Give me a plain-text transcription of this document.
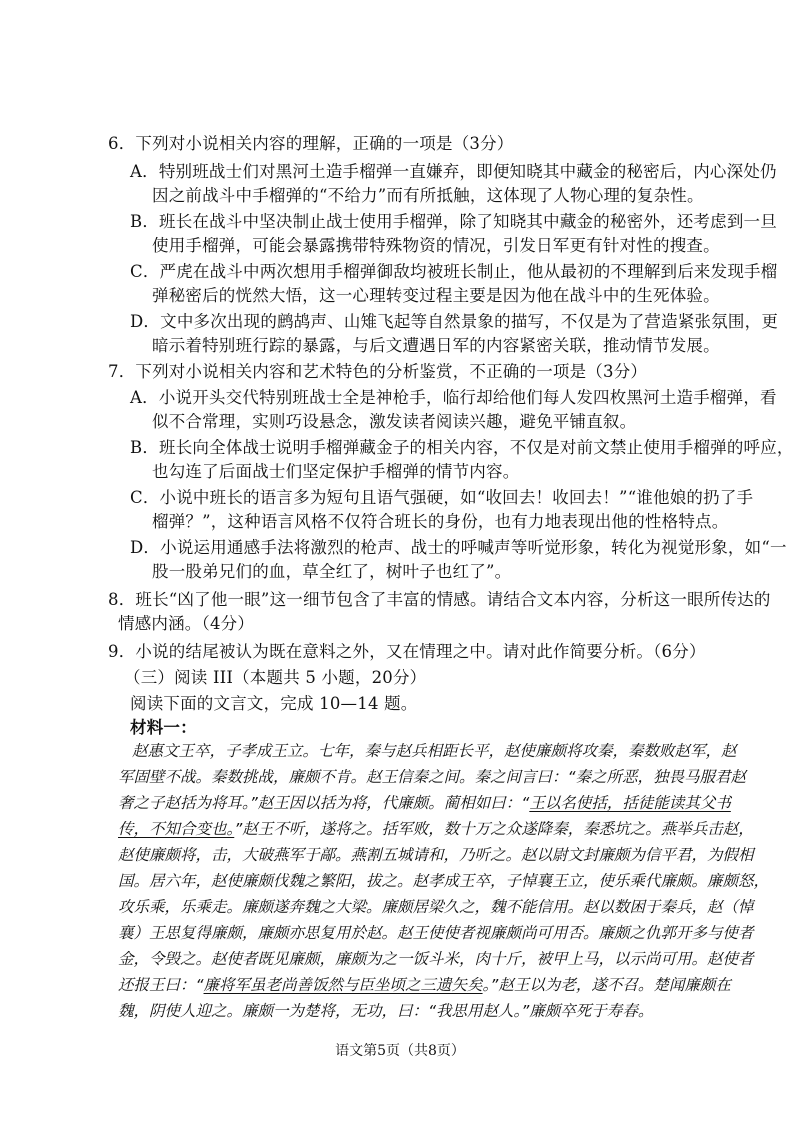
6．下列对小说相关内容的理解，正确的一项是（3分）
A．特别班战士们对黑河土造手榴弹一直嫌弃，即便知晓其中藏金的秘密后，内心深处仍
因之前战斗中手榴弹的“不给力”而有所抵触，这体现了人物心理的复杂性。
B．班长在战斗中坚决制止战士使用手榴弹，除了知晓其中藏金的秘密外，还考虑到一旦
使用手榴弹，可能会暴露携带特殊物资的情况，引发日军更有针对性的搜查。
C．严虎在战斗中两次想用手榴弹御敌均被班长制止，他从最初的不理解到后来发现手榴
弹秘密后的恍然大悟，这一心理转变过程主要是因为他在战斗中的生死体验。
D．文中多次出现的鹧鸪声、山雉飞起等自然景象的描写，不仅是为了营造紧张氛围，更
暗示着特别班行踪的暴露，与后文遭遇日军的内容紧密关联，推动情节发展。
7．下列对小说相关内容和艺术特色的分析鉴赏，不正确的一项是（3分）
A．小说开头交代特别班战士全是神枪手，临行却给他们每人发四枚黑河土造手榴弹，看
似不合常理，实则巧设悬念，激发读者阅读兴趣，避免平铺直叙。
B．班长向全体战士说明手榴弹藏金子的相关内容，不仅是对前文禁止使用手榴弹的呼应，
也勾连了后面战士们坚定保护手榴弹的情节内容。
C．小说中班长的语言多为短句且语气强硬，如“收回去！收回去！”“谁他娘的扔了手
榴弹？”，这种语言风格不仅符合班长的身份，也有力地表现出他的性格特点。
D．小说运用通感手法将激烈的枪声、战士的呼喊声等听觉形象，转化为视觉形象，如“一
股一股弟兄们的血，草全红了，树叶子也红了”。
8．班长“凶了他一眼”这一细节包含了丰富的情感。请结合文本内容，分析这一眼所传达的
情感内涵。（4分）
9．小说的结尾被认为既在意料之外，又在情理之中。请对此作简要分析。（6分）
（三）阅读 III（本题共 5 小题，20分）
阅读下面的文言文，完成 10—14 题。
材料一：
赵惠文王卒，子孝成王立。七年，秦与赵兵相距长平，赵使廉颇将攻秦，秦数败赵军，赵
军固壁不战。秦数挑战，廉颇不肯。赵王信秦之间。秦之间言曰：“秦之所恶，独畏马服君赵
奢之子赵括为将耳。”赵王因以括为将，代廉颇。蔺相如曰：“王以名使括，括徒能读其父书
传，不知合变也。”赵王不听，遂将之。括军败，数十万之众遂降秦，秦悉坑之。燕举兵击赵，
赵使廉颇将，击，大破燕军于鄗。燕割五城请和，乃听之。赵以尉文封廉颇为信平君，为假相
国。居六年，赵使廉颇伐魏之繁阳，拔之。赵孝成王卒，子悼襄王立，使乐乘代廉颇。廉颇怒，
攻乐乘，乐乘走。廉颇遂奔魏之大梁。廉颇居梁久之，魏不能信用。赵以数困于秦兵，赵（悼
襄）王思复得廉颇，廉颇亦思复用於赵。赵王使使者视廉颇尚可用否。廉颇之仇郭开多与使者
金，令毁之。赵使者既见廉颇，廉颇为之一饭斗米，肉十斤，被甲上马，以示尚可用。赵使者
还报王曰：“廉将军虽老尚善饭然与臣坐顷之三遗矢矣。”赵王以为老，遂不召。楚闻廉颇在
魏，阴使人迎之。廉颇一为楚将，无功，曰：“我思用赵人。”廉颇卒死于寿春。
语文第5页（共8页）
